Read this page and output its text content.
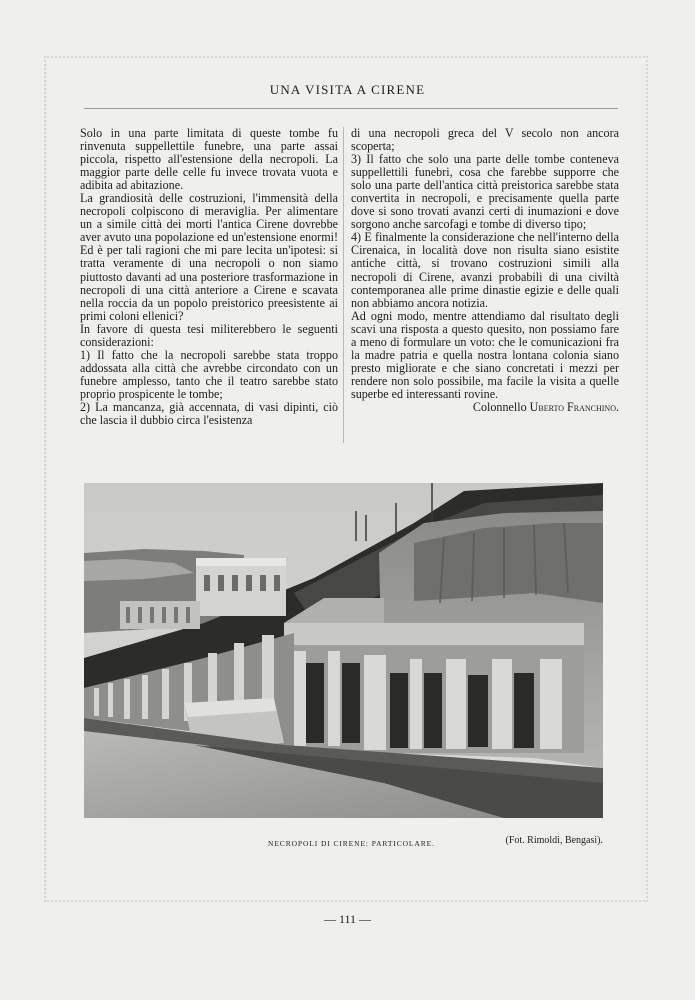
UNA VISITA A CIRENE

Solo in una parte limitata di queste tombe fu rinvenuta suppellettile funebre, una parte assai piccola, rispetto all'estensione della necropoli. La maggior parte delle celle fu invece trovata vuota e adibita ad abitazione.

La grandiosità delle costruzioni, l'immensità della necropoli colpiscono di meraviglia. Per alimentare un a simile città dei morti l'antica Cirene dovrebbe aver avuto una popolazione ed un'estensione enormi! Ed è per tali ragioni che mi pare lecita un'ipotesi: si tratta veramente di una necropoli o non siamo piuttosto davanti ad una posteriore trasformazione in necropoli di una città anteriore a Cirene e scavata nella roccia da un popolo preistorico preesistente ai primi coloni ellenici?

In favore di questa tesi militerebbero le seguenti considerazioni:

1) Il fatto che la necropoli sarebbe stata troppo addossata alla città che avrebbe circondato con un funebre amplesso, tanto che il teatro sarebbe stato proprio prospicente le tombe;

2) La mancanza, già accennata, di vasi dipinti, ciò che lascia il dubbio circa l'esistenza

di una necropoli greca del V secolo non ancora scoperta;

3) Il fatto che solo una parte delle tombe conteneva suppellettili funebri, cosa che farebbe supporre che solo una parte dell'antica città preistorica sarebbe stata convertita in necropoli, e precisamente quella parte dove si sono trovati avanzi certi di inumazioni e dove sorgono anche sarcofagi e tombe di diverso tipo;

4) E finalmente la considerazione che nell'interno della Cirenaica, in località dove non risulta siano esistite antiche città, si trovano costruzioni simili alla necropoli di Cirene, avanzi probabili di una civiltà contemporanea alle prime dinastie egizie e delle quali non abbiamo ancora notizia.

Ad ogni modo, mentre attendiamo dal risultato degli scavi una risposta a questo quesito, non possiamo fare a meno di formulare un voto: che le comunicazioni fra la madre patria e quella nostra lontana colonia siano presto migliorate e che siano concretati i mezzi per rendere non solo possibile, ma facile la visita a quelle superbe ed interessanti rovine.

Colonnello Uberto Franchino.

NECROPOLI DI CIRENE: PARTICOLARE.	(Fot. Rimoldi, Bengasi).
— 111 —
